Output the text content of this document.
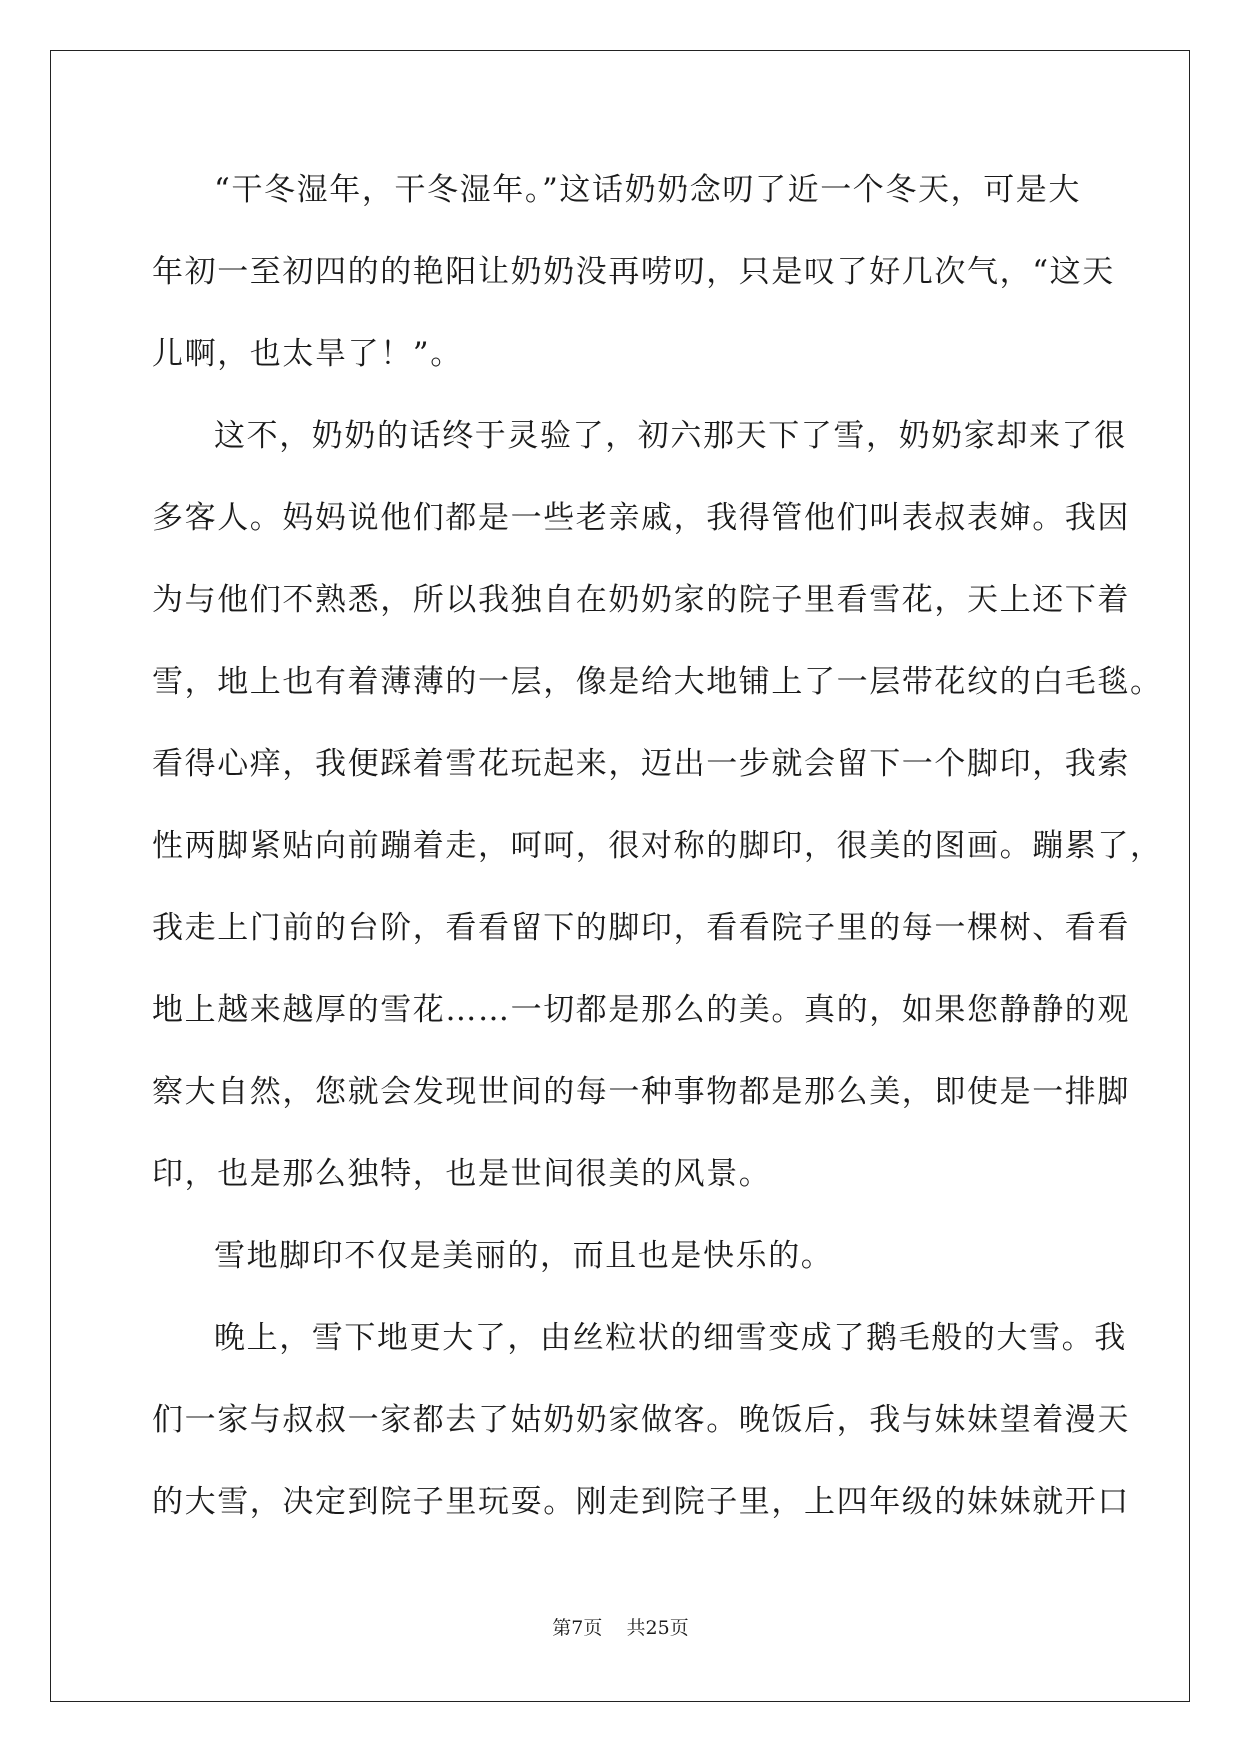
“干冬湿年，干冬湿年。”这话奶奶念叨了近一个冬天，可是大
年初一至初四的的艳阳让奶奶没再唠叨，只是叹了好几次气，“这天
儿啊，也太旱了！”。
这不，奶奶的话终于灵验了，初六那天下了雪，奶奶家却来了很
多客人。妈妈说他们都是一些老亲戚，我得管他们叫表叔表婶。我因
为与他们不熟悉，所以我独自在奶奶家的院子里看雪花，天上还下着
雪，地上也有着薄薄的一层，像是给大地铺上了一层带花纹的白毛毯。
看得心痒，我便踩着雪花玩起来，迈出一步就会留下一个脚印，我索
性两脚紧贴向前蹦着走，呵呵，很对称的脚印，很美的图画。蹦累了，
我走上门前的台阶，看看留下的脚印，看看院子里的每一棵树、看看
地上越来越厚的雪花……一切都是那么的美。真的，如果您静静的观
察大自然，您就会发现世间的每一种事物都是那么美，即使是一排脚
印，也是那么独特，也是世间很美的风景。
雪地脚印不仅是美丽的，而且也是快乐的。
晚上，雪下地更大了，由丝粒状的细雪变成了鹅毛般的大雪。我
们一家与叔叔一家都去了姑奶奶家做客。晚饭后，我与妹妹望着漫天
的大雪，决定到院子里玩耍。刚走到院子里，上四年级的妹妹就开口
第7页 共25页
